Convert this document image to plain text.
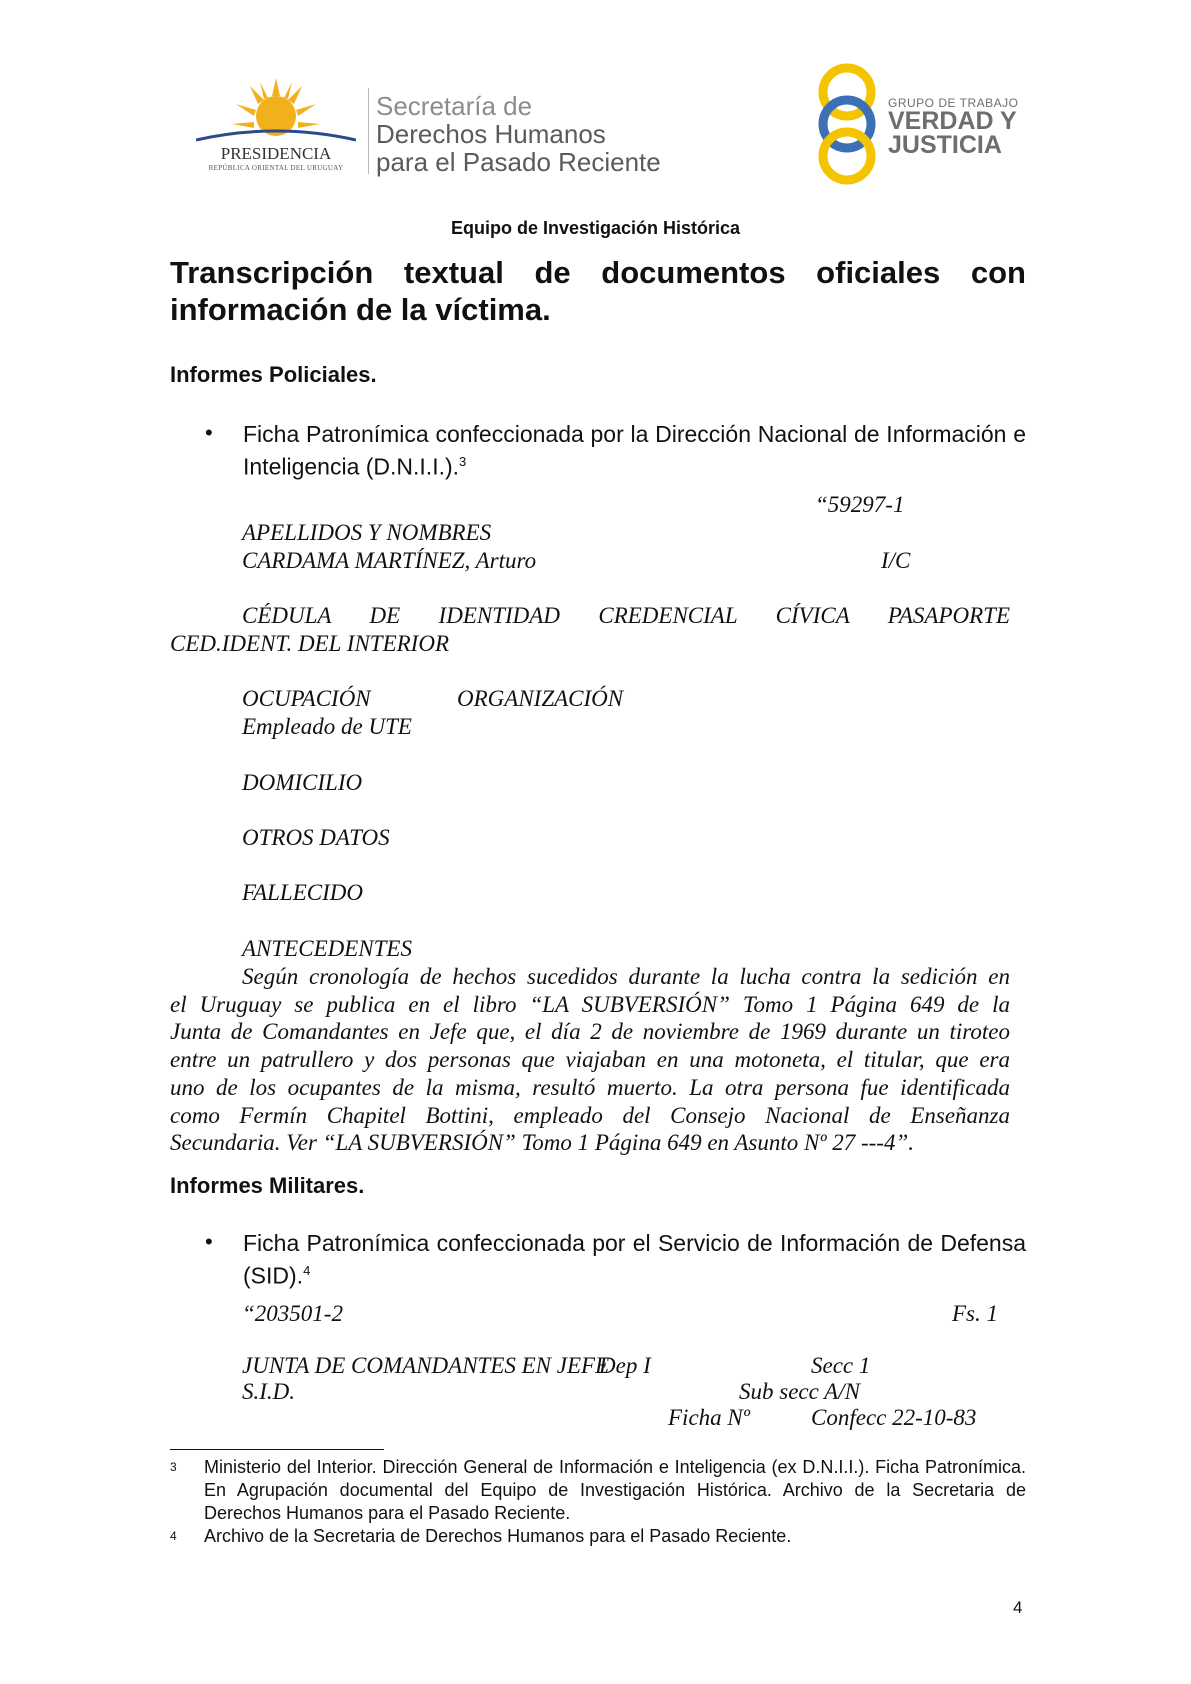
PRESIDENCIA
REPÚBLICA ORIENTAL DEL URUGUAY
Secretaría de
Derechos Humanos
para el Pasado Reciente
GRUPO DE TRABAJO
VERDAD Y
JUSTICIA
Equipo de Investigación Histórica
Transcripción textual de documentos oficiales con información de la víctima.
Informes Policiales.
• Ficha Patronímica confeccionada por la Dirección Nacional de Información e Inteligencia (D.N.I.I.).$^3$
“59297-1
APELLIDOS Y NOMBRES
CARDAMA MARTÍNEZ, Arturo	I/C
CÉDULA DE IDENTIDAD CREDENCIAL CÍVICA PASAPORTE
CED.IDENT. DEL INTERIOR
OCUPACIÓN	ORGANIZACIÓN
Empleado de UTE
DOMICILIO
OTROS DATOS
FALLECIDO
ANTECEDENTES
Según cronología de hechos sucedidos durante la lucha contra la sedición en
el Uruguay se publica en el libro “LA SUBVERSIÓN” Tomo 1 Página 649 de la
Junta de Comandantes en Jefe que, el día 2 de noviembre de 1969 durante un tiroteo
entre un patrullero y dos personas que viajaban en una motoneta, el titular, que era
uno de los ocupantes de la misma, resultó muerto. La otra persona fue identificada
como Fermín Chapitel Bottini, empleado del Consejo Nacional de Enseñanza
Secundaria. Ver “LA SUBVERSIÓN” Tomo 1 Página 649 en Asunto Nº 27 ---4”.
Informes Militares.
• Ficha Patronímica confeccionada por el Servicio de Información de Defensa (SID).$^4$
“203501-2	Fs. 1
JUNTA DE COMANDANTES EN JEFE
Dep I	Secc 1
S.I.D.	Sub secc A/N
Ficha Nº	Confecc 22-10-83
3 Ministerio del Interior. Dirección General de Información e Inteligencia (ex D.N.I.I.). Ficha Patronímica. En Agrupación documental del Equipo de Investigación Histórica. Archivo de la Secretaria de Derechos Humanos para el Pasado Reciente.
4 Archivo de la Secretaria de Derechos Humanos para el Pasado Reciente.
4
